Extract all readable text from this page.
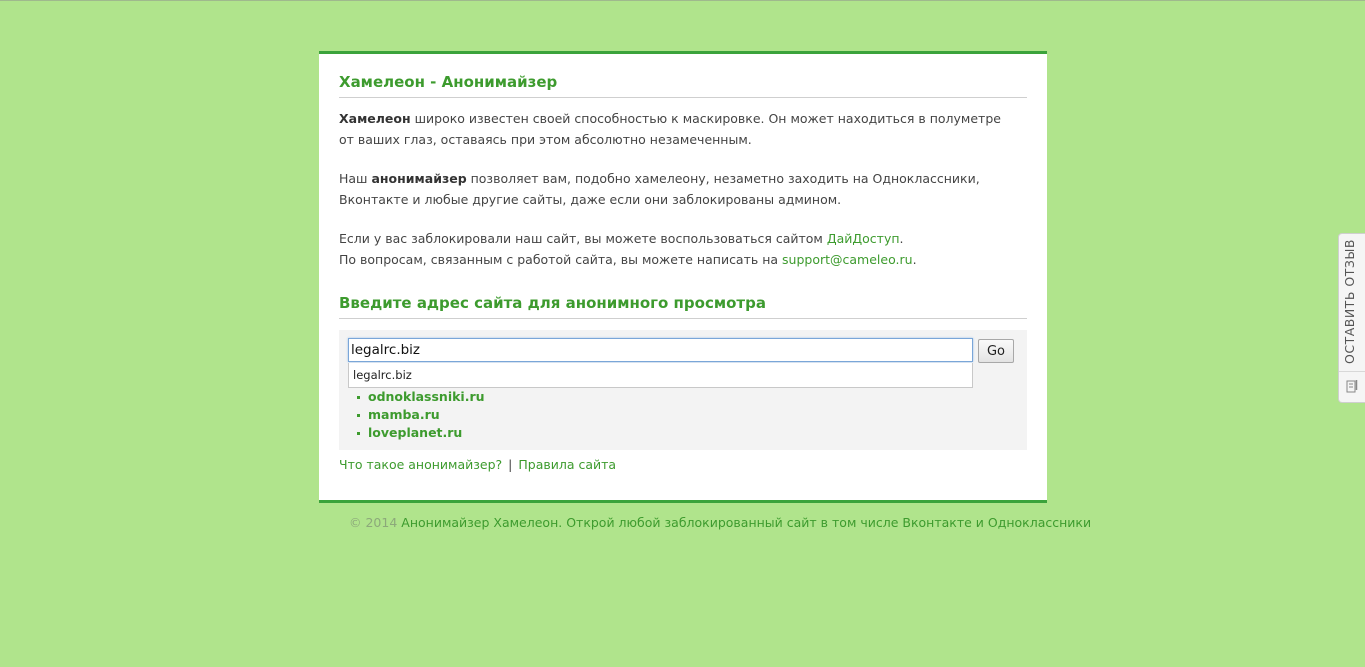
Хамелеон - Анонимайзер

Хамелеон широко известен своей способностью к маскировке. Он может находиться в полуметре от ваших глаз, оставаясь при этом абсолютно незамеченным.

Наш анонимайзер позволяет вам, подобно хамелеону, незаметно заходить на Одноклассники, Вконтакте и любые другие сайты, даже если они заблокированы админом.

Если у вас заблокировали наш сайт, вы можете воспользоваться сайтом ДайДоступ.
По вопросам, связанным с работой сайта, вы можете написать на support@cameleo.ru.

Введите адрес сайта для анонимного просмотра
legalrc.biz
Go
legalrc.biz
odnoklassniki.ru
mamba.ru
loveplanet.ru
Что такое анонимайзер? | Правила сайта
© 2014 Анонимайзер Хамелеон. Открой любой заблокированный сайт в том числе Вконтакте и Одноклассники
ОСТАВИТЬ ОТЗЫВ
